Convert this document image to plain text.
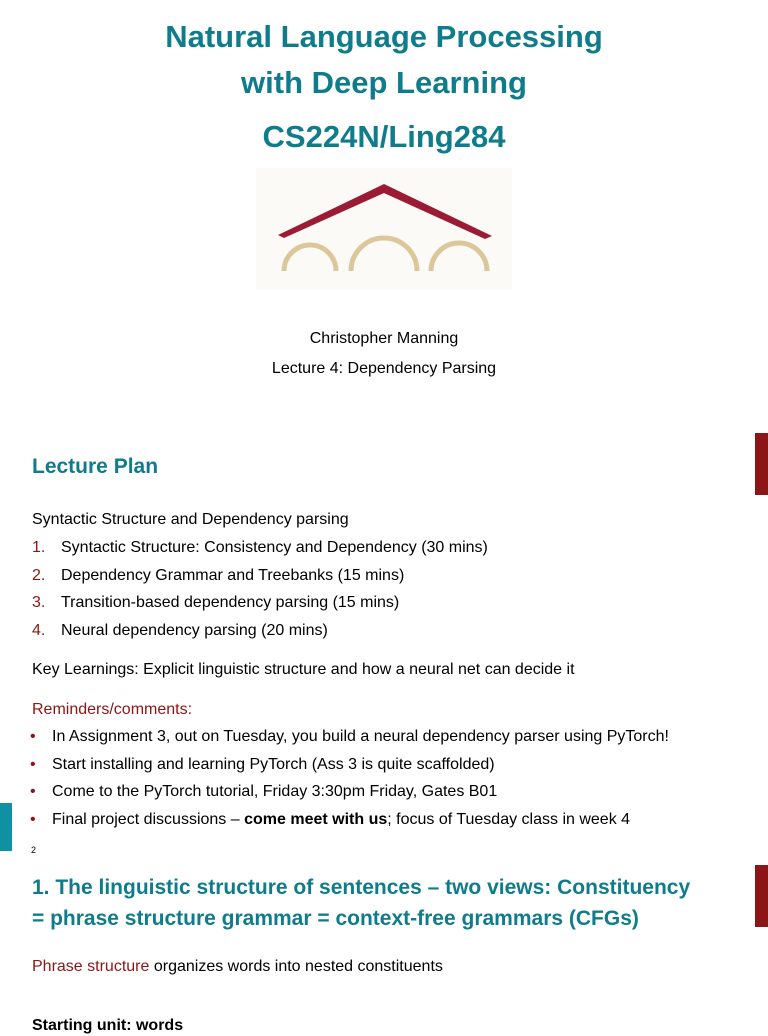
Natural Language Processing
with Deep Learning
CS224N/Ling284
Christopher Manning
Lecture 4: Dependency Parsing
Lecture Plan
Syntactic Structure and Dependency parsing
1. Syntactic Structure: Consistency and Dependency (30 mins)
2. Dependency Grammar and Treebanks (15 mins)
3. Transition-based dependency parsing (15 mins)
4. Neural dependency parsing (20 mins)
Key Learnings: Explicit linguistic structure and how a neural net can decide it
Reminders/comments:
• In Assignment 3, out on Tuesday, you build a neural dependency parser using PyTorch!
• Start installing and learning PyTorch (Ass 3 is quite scaffolded)
• Come to the PyTorch tutorial, Friday 3:30pm Friday, Gates B01
• Final project discussions – come meet with us; focus of Tuesday class in week 4
2
1. The linguistic structure of sentences – two views: Constituency
= phrase structure grammar = context-free grammars (CFGs)
Phrase structure organizes words into nested constituents
Starting unit: words
